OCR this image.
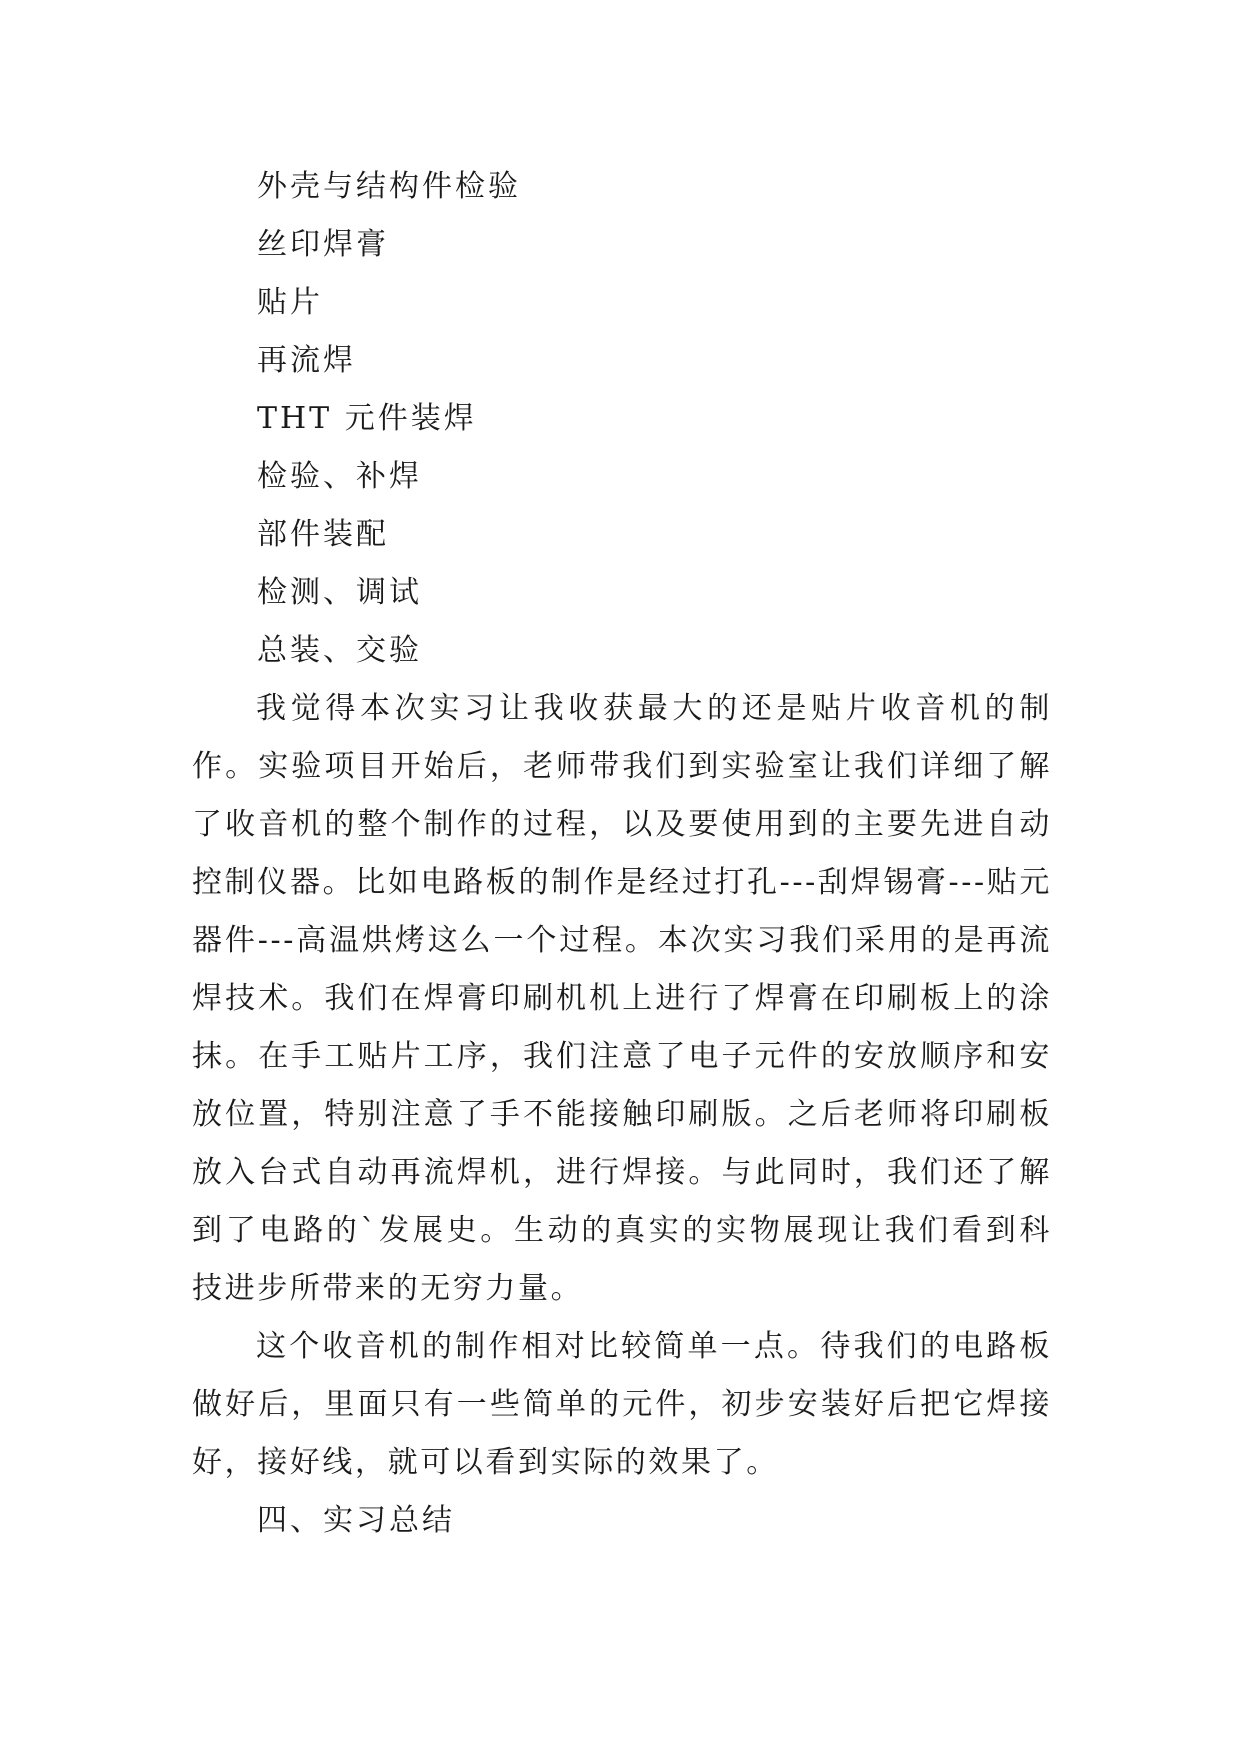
外壳与结构件检验
丝印焊膏
贴片
再流焊
THT 元件装焊
检验、补焊
部件装配
检测、调试
总装、交验

我觉得本次实习让我收获最大的还是贴片收音机的制作。实验项目开始后，老师带我们到实验室让我们详细了解了收音机的整个制作的过程，以及要使用到的主要先进自动控制仪器。比如电路板的制作是经过打孔---刮焊锡膏---贴元器件---高温烘烤这么一个过程。本次实习我们采用的是再流焊技术。我们在焊膏印刷机机上进行了焊膏在印刷板上的涂抹。在手工贴片工序，我们注意了电子元件的安放顺序和安放位置，特别注意了手不能接触印刷版。之后老师将印刷板放入台式自动再流焊机，进行焊接。与此同时，我们还了解到了电路的`发展史。生动的真实的实物展现让我们看到科技进步所带来的无穷力量。

这个收音机的制作相对比较简单一点。待我们的电路板做好后，里面只有一些简单的元件，初步安装好后把它焊接好，接好线，就可以看到实际的效果了。

四、实习总结
